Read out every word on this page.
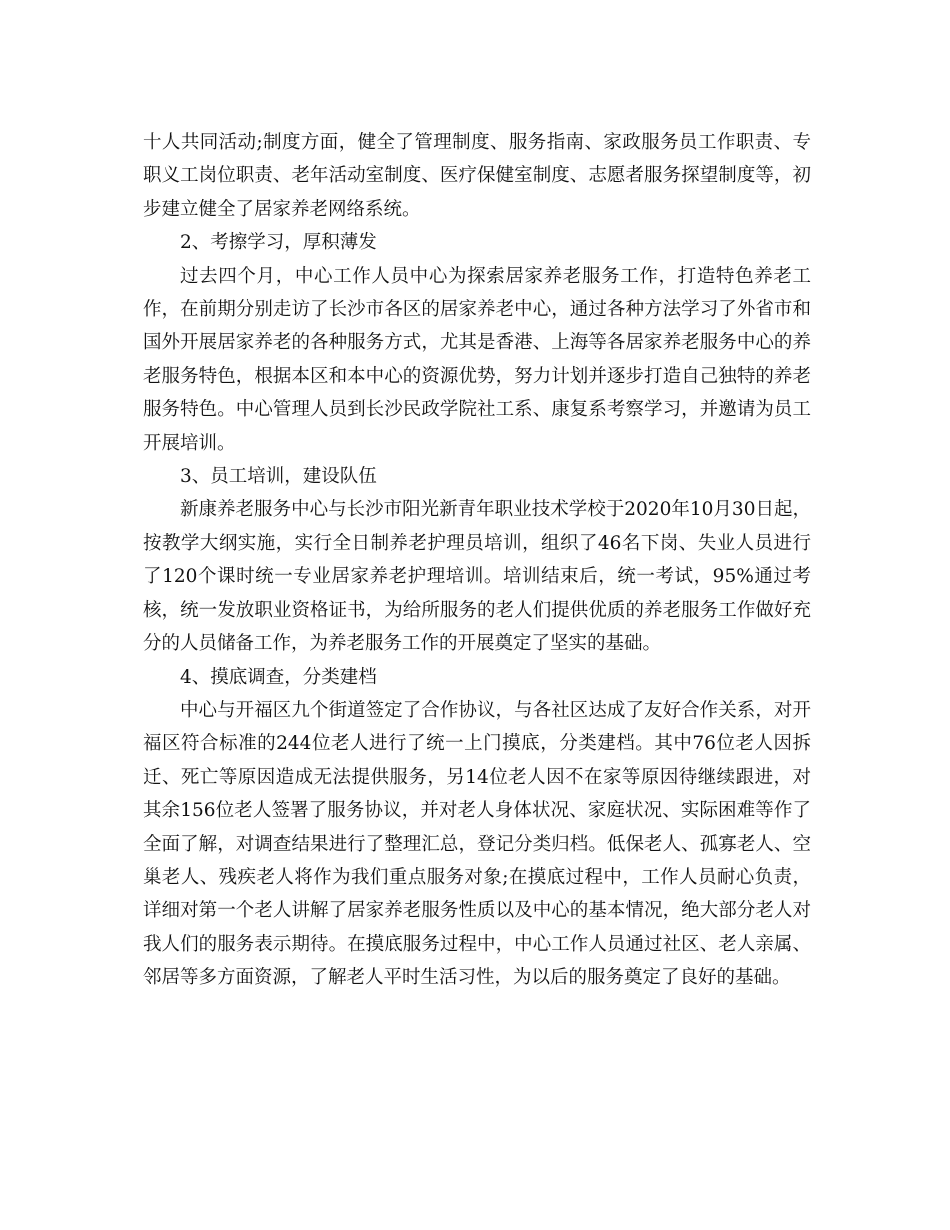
十人共同活动;制度方面，健全了管理制度、服务指南、家政服务员工作职责、专职义工岗位职责、老年活动室制度、医疗保健室制度、志愿者服务探望制度等，初步建立健全了居家养老网络系统。

2、考擦学习，厚积薄发

过去四个月，中心工作人员中心为探索居家养老服务工作，打造特色养老工作，在前期分别走访了长沙市各区的居家养老中心，通过各种方法学习了外省市和国外开展居家养老的各种服务方式，尤其是香港、上海等各居家养老服务中心的养老服务特色，根据本区和本中心的资源优势，努力计划并逐步打造自己独特的养老服务特色。中心管理人员到长沙民政学院社工系、康复系考察学习，并邀请为员工开展培训。

3、员工培训，建设队伍

新康养老服务中心与长沙市阳光新青年职业技术学校于2020年10月30日起，按教学大纲实施，实行全日制养老护理员培训，组织了46名下岗、失业人员进行了120个课时统一专业居家养老护理培训。培训结束后，统一考试，95%通过考核，统一发放职业资格证书，为给所服务的老人们提供优质的养老服务工作做好充分的人员储备工作，为养老服务工作的开展奠定了坚实的基础。

4、摸底调查，分类建档

中心与开福区九个街道签定了合作协议，与各社区达成了友好合作关系，对开福区符合标准的244位老人进行了统一上门摸底，分类建档。其中76位老人因拆迁、死亡等原因造成无法提供服务，另14位老人因不在家等原因待继续跟进，对其余156位老人签署了服务协议，并对老人身体状况、家庭状况、实际困难等作了全面了解，对调查结果进行了整理汇总，登记分类归档。低保老人、孤寡老人、空巢老人、残疾老人将作为我们重点服务对象;在摸底过程中，工作人员耐心负责，详细对第一个老人讲解了居家养老服务性质以及中心的基本情况，绝大部分老人对我人们的服务表示期待。在摸底服务过程中，中心工作人员通过社区、老人亲属、邻居等多方面资源，了解老人平时生活习性，为以后的服务奠定了良好的基础。
